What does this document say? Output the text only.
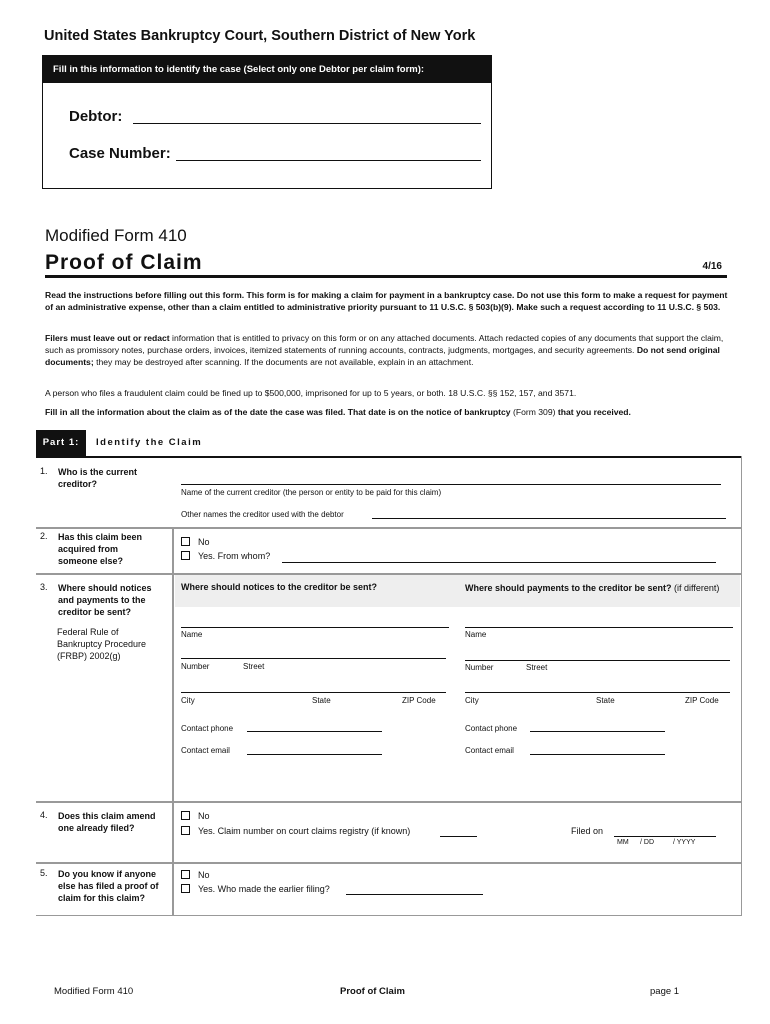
United States Bankruptcy Court, Southern District of New York
Fill in this information to identify the case (Select only one Debtor per claim form):
Debtor:
Case Number:
Modified Form 410
Proof of Claim	4/16
Read the instructions before filling out this form. This form is for making a claim for payment in a bankruptcy case. Do not use this form to make a request for payment of an administrative expense, other than a claim entitled to administrative priority pursuant to 11 U.S.C. § 503(b)(9). Make such a request according to 11 U.S.C. § 503.
Filers must leave out or redact information that is entitled to privacy on this form or on any attached documents. Attach redacted copies of any documents that support the claim, such as promissory notes, purchase orders, invoices, itemized statements of running accounts, contracts, judgments, mortgages, and security agreements. Do not send original documents; they may be destroyed after scanning. If the documents are not available, explain in an attachment.
A person who files a fraudulent claim could be fined up to $500,000, imprisoned for up to 5 years, or both. 18 U.S.C. §§ 152, 157, and 3571.
Fill in all the information about the claim as of the date the case was filed. That date is on the notice of bankruptcy (Form 309) that you received.
Part 1:	Identify the Claim
1. Who is the current creditor?
Name of the current creditor (the person or entity to be paid for this claim)
Other names the creditor used with the debtor
2. Has this claim been acquired from someone else?
No
Yes. From whom?
3. Where should notices and payments to the creditor be sent?
Federal Rule of Bankruptcy Procedure (FRBP) 2002(g)
Where should notices to the creditor be sent?	Where should payments to the creditor be sent? (if different)
Name
Number	Street
City	State	ZIP Code
Contact phone
Contact email
Name
Number	Street
City	State	ZIP Code
Contact phone
Contact email
4. Does this claim amend one already filed?
No
Yes. Claim number on court claims registry (if known)	Filed on
MM / DD	/ YYYY
5. Do you know if anyone else has filed a proof of claim for this claim?
No
Yes. Who made the earlier filing?
Modified Form 410	Proof of Claim	page 1
